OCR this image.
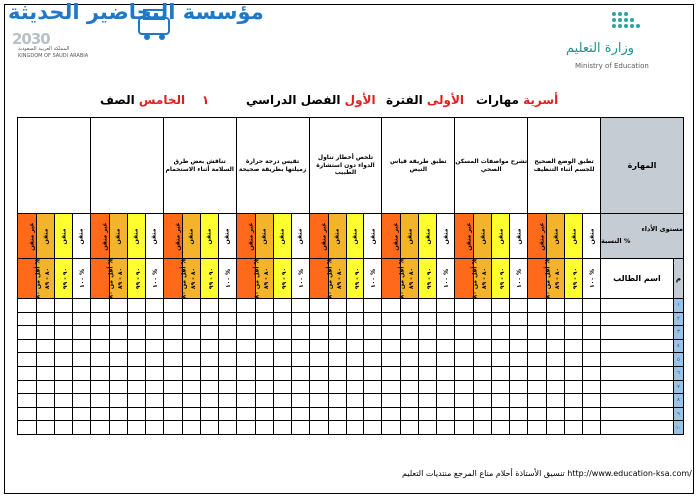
مؤسسة التحاضير الحديثة
2030
المملكة العربية السعودية
KINGDOM OF SAUDI ARABIA	وزارة التعليم
Ministry of Education
أسرية مهارات
الأولى الفترة
الأول الفصل الدراسي
١    الخامس الصف
								تناقش بعض طرق السلامة أثناء الاستحمام				تقيس درجة حرارة زميلتها بطريقة صحيحة				تلخص أخطار تناول الدواء دون استشارة الطبيب				تطبق طريقة قياس النبض				تشرح مواصفات المسكن الصحي				تطبق الوضع الصحيح للجسم أثناء التنظيف				المهارة	
غير متقن	متقن	متقن	متقن	غير متقن	متقن	متقن	متقن	غير متقن	متقن	متقن	متقن	غير متقن	متقن	متقن	متقن	غير متقن	متقن	متقن	متقن	غير متقن	متقن	متقن	متقن	غير متقن	متقن	متقن	متقن	غير متقن	متقن	متقن	متقن	مستوى الأداء
النسبة %	

أقل من ٨٠ %	٨٠ - ٨٩	٩٠ - ٩٩	١٠٠ %	أقل من ٨٠ %	٨٠ - ٨٩	٩٠ - ٩٩	١٠٠ %	أقل من ٨٠ %	٨٠ - ٨٩	٩٠ - ٩٩	١٠٠ %	أقل من ٨٠ %	٨٠ - ٨٩	٩٠ - ٩٩	١٠٠ %	أقل من ٨٠ %	٨٠ - ٨٩	٩٠ - ٩٩	١٠٠ %	أقل من ٨٠ %	٨٠ - ٨٩	٩٠ - ٩٩	١٠٠ %	أقل من ٨٠ %	٨٠ - ٨٩	٩٠ - ٩٩	١٠٠ %	أقل من ٨٠ %	٨٠ - ٨٩	٩٠ - ٩٩	١٠٠ %	اسم الطالب	م
																																	١
																																	٢
																																	٣
																																	٤
																																	٥
																																	٦
																																	٧
																																	٨
																																	٩
																																	١٠
تنسيق الأستاذة أحلام مناع المرجع منتديات التعليم http://www.education-ksa.com/
